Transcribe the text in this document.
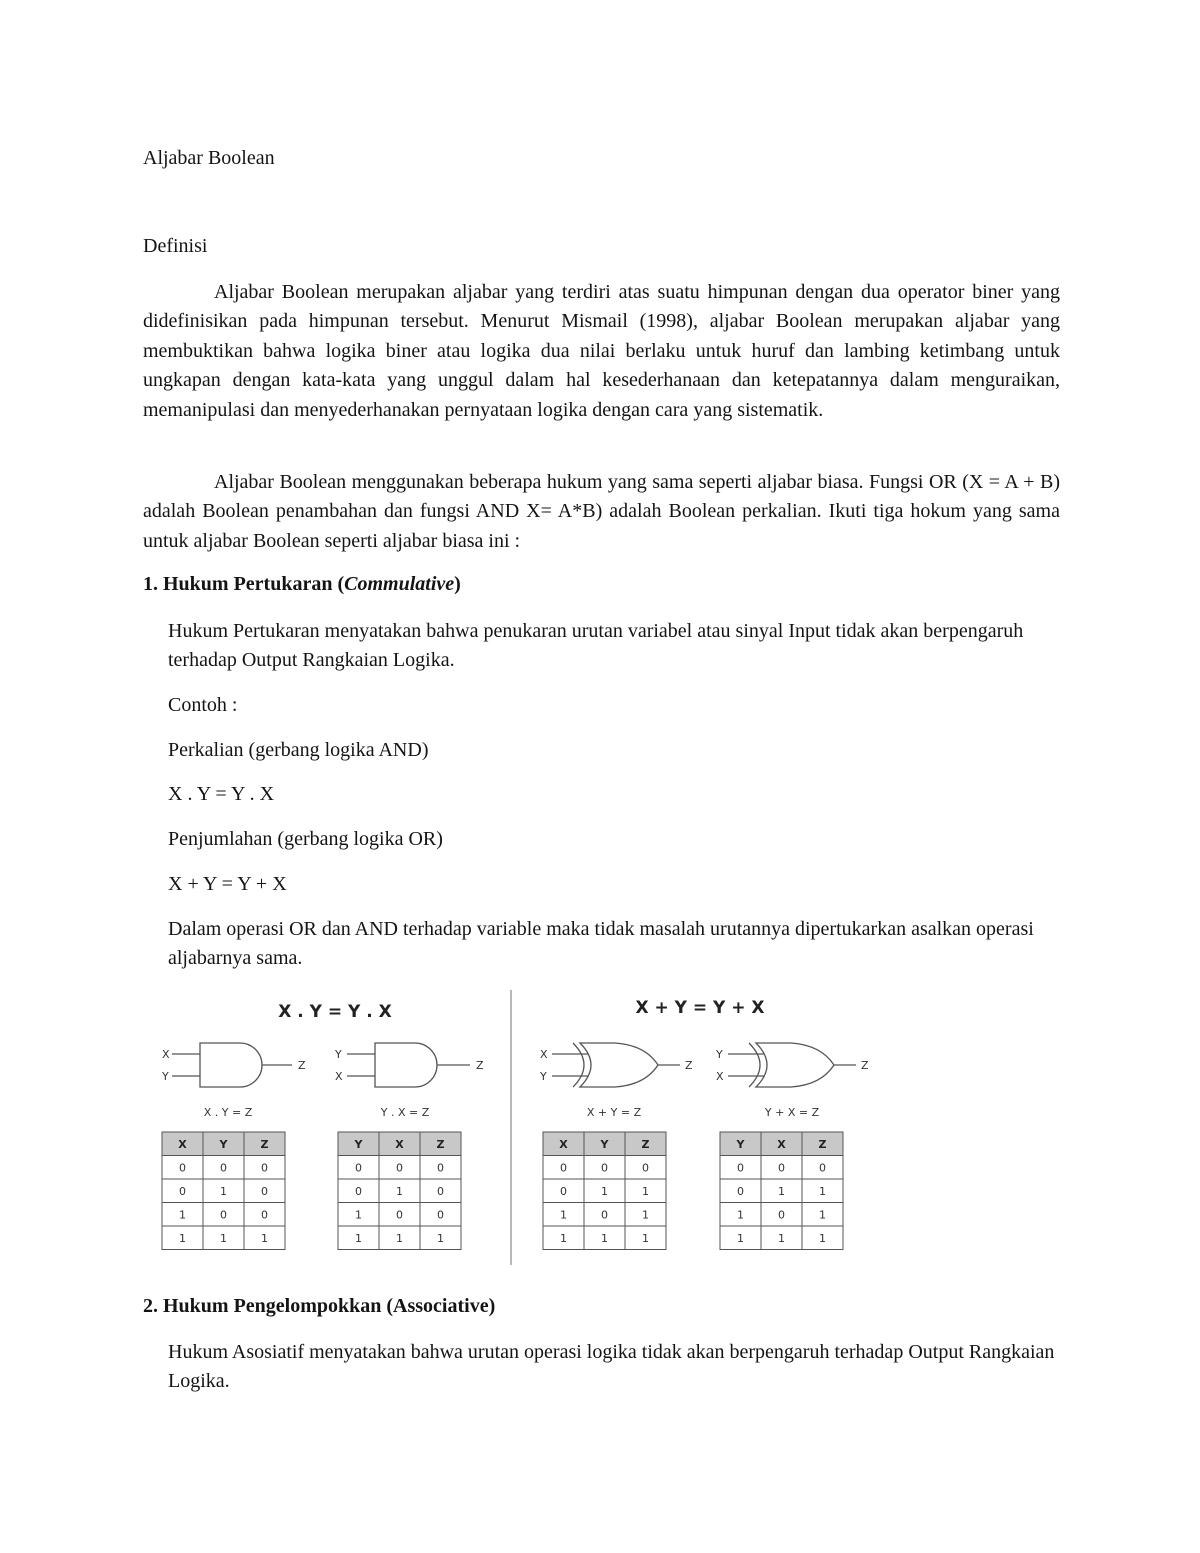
Aljabar Boolean
Definisi
Aljabar Boolean merupakan aljabar yang terdiri atas suatu himpunan dengan dua operator biner yang didefinisikan pada himpunan tersebut. Menurut Mismail (1998), aljabar Boolean merupakan aljabar yang membuktikan bahwa logika biner atau logika dua nilai berlaku untuk huruf dan lambing ketimbang untuk ungkapan dengan kata-kata yang unggul dalam hal kesederhanaan dan ketepatannya dalam menguraikan, memanipulasi dan menyederhanakan pernyataan logika dengan cara yang sistematik.
Aljabar Boolean menggunakan beberapa hukum yang sama seperti aljabar biasa. Fungsi OR (X = A + B) adalah Boolean penambahan dan fungsi AND X= A*B) adalah Boolean perkalian. Ikuti tiga hokum yang sama untuk aljabar Boolean seperti aljabar biasa ini :
1. Hukum Pertukaran (Commulative)
Hukum Pertukaran menyatakan bahwa penukaran urutan variabel atau sinyal Input tidak akan berpengaruh terhadap Output Rangkaian Logika.
Contoh :
Perkalian (gerbang logika AND)
X . Y = Y . X
Penjumlahan (gerbang logika OR)
X + Y = Y + X
Dalam operasi OR dan AND terhadap variable maka tidak masalah urutannya dipertukarkan asalkan operasi aljabarnya sama.
X . Y = Y . X	X + Y = Y + X
X
Y
Z
X . Y = Z
Y
X
Z
Y . X = Z
X
Y
Z
X + Y = Z
Y
X
Z
Y + X = Z
X	Y	Z
0	0	0
0	1	0
1	0	0
1	1	1
Y	X	Z
0	0	0
0	1	0
1	0	0
1	1	1
X	Y	Z
0	0	0
0	1	1
1	0	1
1	1	1
Y	X	Z
0	0	0
0	1	1
1	0	1
1	1	1
2. Hukum Pengelompokkan (Associative)
Hukum Asosiatif menyatakan bahwa urutan operasi logika tidak akan berpengaruh terhadap Output Rangkaian Logika.
